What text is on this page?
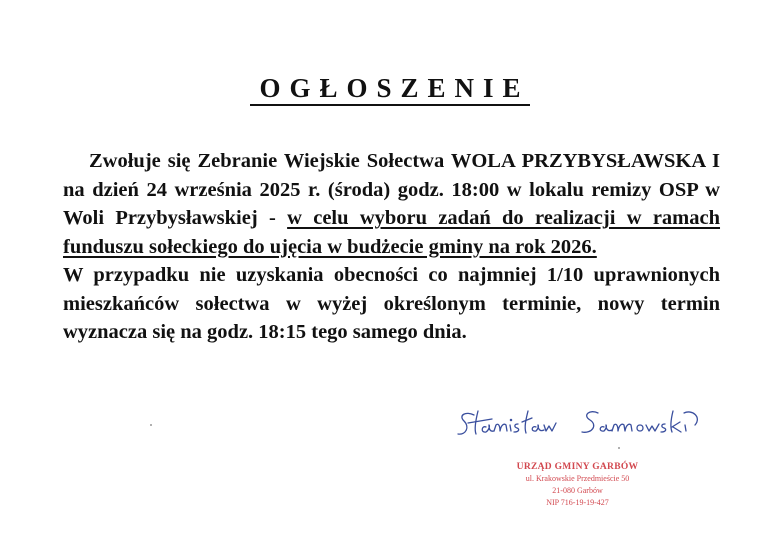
OGŁOSZENIE

Zwołuje się Zebranie Wiejskie Sołectwa WOLA PRZYBYSŁAWSKA I na dzień 24 września 2025 r. (środa) godz. 18:00 w lokalu remizy OSP w Woli Przybysławskiej - w celu wyboru zadań do realizacji w ramach funduszu sołeckiego do ujęcia w budżecie gminy na rok 2026.

W przypadku nie uzyskania obecności co najmniej 1/10 uprawnionych mieszkańców sołectwa w wyżej określonym terminie, nowy termin wyznacza się na godz. 18:15 tego samego dnia.

URZĄD GMINY GARBÓW
ul. Krakowskie Przedmieście 50
21-080 Garbów
NIP 716-19-19-427
